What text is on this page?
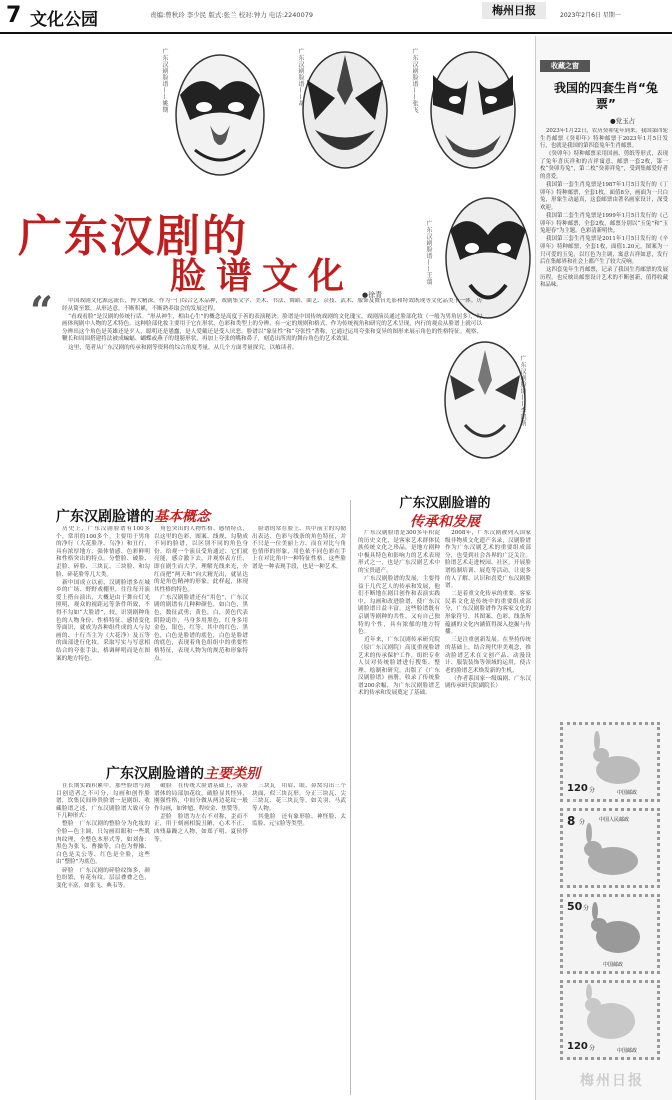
7 文化公园	责编:曾秋玲 李少民 版式:张兰 校对:钟力 电话:2240079	梅州日报	2023年2月6日 星期一
广东汉剧脸谱——姚期	广东汉剧脸谱——胡	广东汉剧脸谱——张飞
广东汉剧脸谱——王翦
广东汉剧脸谱——李凯斯
广东汉剧的
脸谱文化 ●徐青
“	中国戏剧文化源远流长，博大精深。作为一门综合艺术品种，戏剧集文学、美术、书法、舞蹈、曲艺、杂技、武术、服饰及舞台光影和特效既现等文化品类于一体。历经从简至繁，从形达意，不断积累，不断熟养取会的发展过程。

“看戏看脸”是汉剧的传统行话。“形从神生，相由心生”的概念是高度于善的表演秘诀。脸谱是中国传统戏剧的文化瑰宝，戏剧演员通过脸部化妆（一般为男角居多），勾画体现剧中人物的艺术特色。这种脸部化妆主要用于它在形状、色彩和类型上的分辨，有一定的规则和格式。作为传统视角和研究的艺术呈现，内行的观众从脸谱上就可以分辨出这个角色是英雄还是歹人，聪明还是愚蠢，是人爱戴还是受人厌恶。脸谱以“象征性”和“夸张性”著称，它通过运用夸张和变异的图形来展示角色的性格特征。观察、鞭长和周围搭建将法被成蝙蝠、蝴蝶或燕子的翅膀形状，再加上夸张的嘴和鼻子，刻造出所需的舞台角色的艺术效果。

这里，笔者从广东汉剧的传承和剧等资料的综合角度考量，从几个方面考量探究，以飨读者。

广东汉剧脸谱的基本概念

历史上，广东汉剧脸谱有100多个，常用的100多个。主要用于男角的净行（大花脸净、乌净）和丑行，具有浓厚地方、强体情感、色彩鲜明和性格突出的特点，分整脸、破脸、歪脸、碎脸、三块瓦、三块脸、和勾脸、碎花脸等几大类。

新中国成立以前，汉剧脸谱多在城乡的广场、野野戏棚里，往往每开演爱上搭台演出，大概是由于舞台灯光照明，观众的视距远等条件所致，不得不勾如“大脸谱”，较，识别剧种角色的人物身份、性格特征、感情变化等面识，就成为各种组件成的人与勾画的、十行当主为（大花净）及五等的面部进行化妆。采取写实与写意相结合的夸张手法，格调鲜明而是在图案的地方特色。

角色突出的人物性格、感情特点，以这里的色彩、图案、线规，勾勒成不同的脸谱，以区别不同的角色身份。给观一个演员受角通过、它们就亮能，感合激下去，并观察表方任，即在剧生而大学，理解光线来光，介红而把“两天和”向大精光出，就显达的是角色精神的形象，此样起，体现其性格的特色。

广东汉剧脸谱还有“用色”，广东汉剧的剧谱有几种种颜色，如白色，黑色，数征武勇；黄色，白，黄色代表阴险诡诈，马身多用黑色，红身多用金色，银色，红等，其中的红色、黑色，白色是脸谱的底色，白色是脸谱的底色，表现着角色组组中的重要性格特征，表现人物为的规范和形象特点。

脸谱的常在脸上、其中前主的勾勒出表达、色彩与线条的角色特征，并不只是一位美丽上方、而在对比与角色情形的形象，用色依不同色彩在手上在对比角中一种特征性格。这些脸谱是一种表现手段，也是一种艺术。

广东汉剧脸谱的主要类别

在长期实践积累中，那些脸谱与剧目创造者之不可分，勾画和创作脸谱，饮集民间珍贵脸谱一是剧组、收藏脸谱之述，广东汉剧脸谱大致可分下几种形式：

整脸　广东汉剧的整脸分为化妆的全脸—色主调，只勾画眉眼和一些肌肉纹理，全整色本形式等，如刘备：黑色为张飞、曹操等，白色为曹操、白色是关公等、红色是全脸，这些由“整脸”为底色。

碎脸　广东汉剧的碎脸纹饰多，颜色纷繁，有花有纹，层层叠叠之色，变化丰富，如张飞、典韦等。

破脸　在传统大脸谱基础上，各脸谱体的局部加花纹，破脸显其怪异、刚强性格，中间分做从两边花纹一般作勾画，如钟馗、程咬金、焦赞等。

歪脸　脸谱为左右不对称，歪而不正，用于刻画相貌丑陋，心术不正、凶残暴躁之人物，如郑子明、夏侯惇等。

三块瓦　用眉、眼、鼻窝勾出三个块面，似三块瓦形，分正三块瓦、尖三块瓦、花三块瓦等。如关羽、马武等人物。

其他脸　还有象形脸、神怪脸、太监脸、元宝脸等类型。

广东汉剧脸谱的
传承和发展

广东汉剧脸谱是300多年积淀的历史文化，是客家艺术群体民族传统文化之珍品，是地方剧种中极具特色和影响力的艺术表现形式之一，也是广东汉剧艺术中的宝贵遗产。

广东汉剧脸谱的发展，主要得益于几代艺人的传承和发展，他们不断地在剧目创作和表演实践中，勾画和改进脸谱，使广东汉剧脸谱日益丰富。这些脸谱既有京剧等剧种的共性，又有自己独特的个性，具有浓郁的地方特色。

近年来，广东汉剧传承研究院（原广东汉剧院）高度重视脸谱艺术的传承保护工作，组织专业人员对传统脸谱进行搜集、整理、绘制和研究，出版了《广东汉剧脸谱》画册，收录了传统脸谱200余幅，为广东汉剧脸谱艺术的传承和发展奠定了基础。

2008年，广东汉剧被列入国家级非物质文化遗产名录，汉剧脸谱作为广东汉剧艺术的重要组成部分，也受到社会各界的广泛关注。脸谱艺术走进校园、社区，开展脸谱绘制培训、展览等活动，让更多的人了解、认识和喜爱广东汉剧脸谱。

二是着重文化传承的重要。客家民系文化是传统中的重要组成部分，广东汉剧脸谱作为客家文化的形象符号，其图案、色彩、线条所蕴涵的文化内涵值得深入挖掘与传播。

三是注重创新发展。在坚持传统的基础上，结合现代审美观念，推动脸谱艺术在文创产品、动漫设计、服装装饰等领域的运用，使古老的脸谱艺术焕发新的生机。

（作者系国家一级编剧、广东汉剧传承研究院副院长）

收藏之窗
我国的四套生肖“兔票”
●党玉占

2023年1月22日，农历癸卯兔年到来。我国第四轮生肖邮票《癸卯年》特种邮票于2023年1月5日发行，也就是我国的第四套兔年生肖邮票。

《癸卯年》特种邮票采用国画、剪纸等形式，表现了兔年喜庆祥和的吉祥寓意，邮票一套2枚，第一枚“癸卯寿兔”，第二枚“癸卯祥兔”，受到集邮爱好者的喜爱。

我国第一套生肖兔票是1987年1月5日发行的《丁卯年》特种邮票，全套1枚，面值8分，画面为一只白兔，形象生动逼真，这套邮票由著名画家设计，深受欢迎。

我国第二套生肖兔票是1999年1月5日发行的《己卯年》特种邮票，全套2枚，邮票分别以“玉兔”和“玉兔迎春”为主题，色彩清新明快。

我国第三套生肖兔票是2011年1月5日发行的《辛卯年》特种邮票，全套1枚，面值1.20元，图案为一只可爱的玉兔，以红色为主调，寓意吉祥如意，发行后在集邮界和社会上都产生了较大反响。

这四套兔年生肖邮票，记录了我国生肖邮票的发展历程，也反映出邮票设计艺术的不断创新，值得收藏和品味。

120 分	中国邮政
8 分	中国人民邮政
50 分
中国邮政
120 分	中国邮政
梅州日报
